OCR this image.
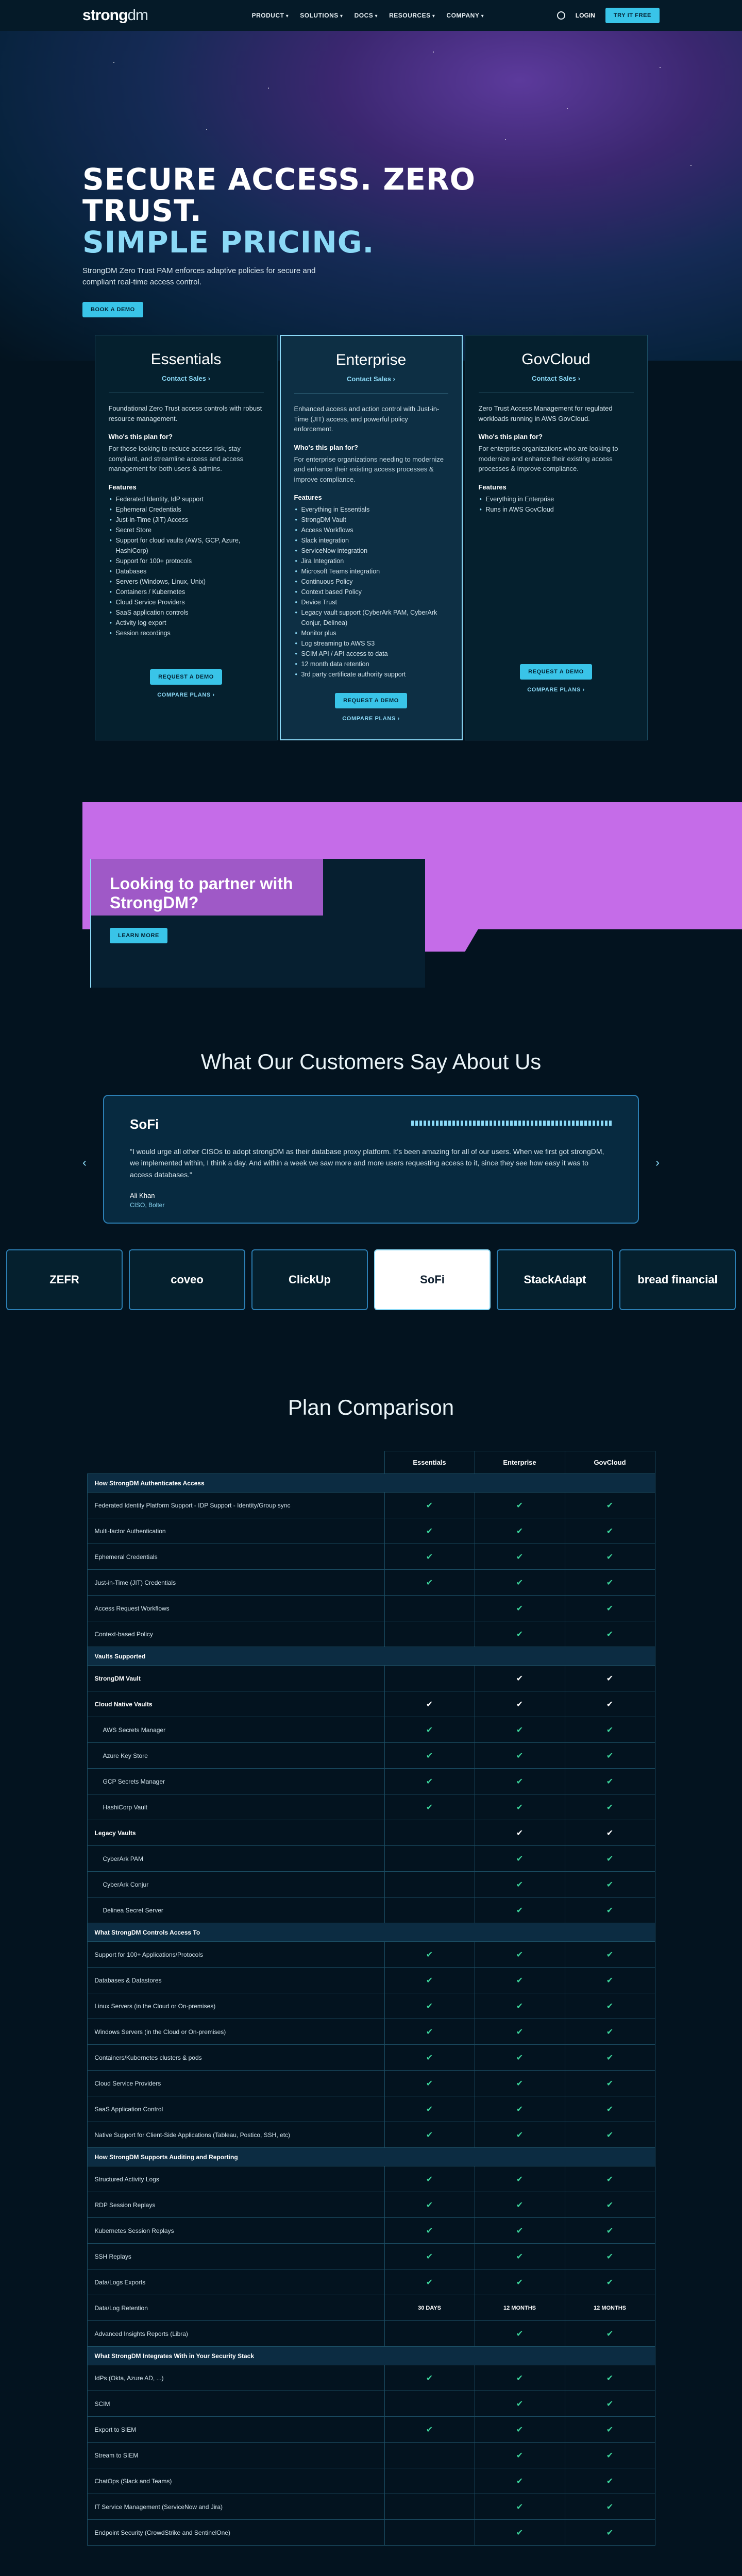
strongdm	PRODUCT ▾	SOLUTIONS ▾	DOCS ▾	RESOURCES ▾	COMPANY ▾	LOGIN	TRY IT FREE
SECURE ACCESS. ZERO TRUST.
SIMPLE PRICING.

StrongDM Zero Trust PAM enforces adaptive policies for secure and compliant real-time access control.

BOOK A DEMO
Essentials
Contact Sales ›
Foundational Zero Trust access controls with robust resource management.
Who's this plan for?
For those looking to reduce access risk, stay compliant, and streamline access and access management for both users & admins.
Features
• Federated Identity, IdP support
• Ephemeral Credentials
• Just-in-Time (JIT) Access
• Secret Store
• Support for cloud vaults (AWS, GCP, Azure, HashiCorp)
• Support for 100+ protocols
• Databases
• Servers (Windows, Linux, Unix)
• Containers / Kubernetes
• Cloud Service Providers
• SaaS application controls
• Activity log export
• Session recordings
REQUEST A DEMO
COMPARE PLANS ›
Enterprise
Contact Sales ›
Enhanced access and action control with Just-in-Time (JIT) access, and powerful policy enforcement.
Who's this plan for?
For enterprise organizations needing to modernize and enhance their existing access processes & improve compliance.
Features
• Everything in Essentials
• StrongDM Vault
• Access Workflows
• Slack integration
• ServiceNow integration
• Jira Integration
• Microsoft Teams integration
• Continuous Policy
• Context based Policy
• Device Trust
• Legacy vault support (CyberArk PAM, CyberArk Conjur, Delinea)
• Monitor plus
• Log streaming to AWS S3
• SCIM API / API access to data
• 12 month data retention
• 3rd party certificate authority support
REQUEST A DEMO
COMPARE PLANS ›
GovCloud
Contact Sales ›
Zero Trust Access Management for regulated workloads running in AWS GovCloud.
Who's this plan for?
For enterprise organizations who are looking to modernize and enhance their existing access processes & improve compliance.
Features
• Everything in Enterprise
• Runs in AWS GovCloud
REQUEST A DEMO
COMPARE PLANS ›
Looking to partner with StrongDM?
LEARN MORE
What Our Customers Say About Us
‹	›
SoFi

"I would urge all other CISOs to adopt strongDM as their database proxy platform. It's been amazing for all of our users. When we first got strongDM, we implemented within, I think a day. And within a week we saw more and more users requesting access to it, since they see how easy it was to access databases."

Ali Khan
CISO, Bolter
ZEFR	coveo	ClickUp	SoFi	StackAdapt	bread financial
Plan Comparison
	Essentials	Enterprise	GovCloud
How StrongDM Authenticates Access			
Federated Identity Platform Support - IDP Support - Identity/Group sync	✔	✔	✔
Multi-factor Authentication	✔	✔	✔
Ephemeral Credentials	✔	✔	✔
Just-in-Time (JIT) Credentials	✔	✔	✔
Access Request Workflows		✔	✔
Context-based Policy		✔	✔
Vaults Supported			
StrongDM Vault		✔	✔
Cloud Native Vaults	✔	✔	✔
AWS Secrets Manager	✔	✔	✔
Azure Key Store	✔	✔	✔
GCP Secrets Manager	✔	✔	✔
HashiCorp Vault	✔	✔	✔
Legacy Vaults		✔	✔
CyberArk PAM		✔	✔
CyberArk Conjur		✔	✔
Delinea Secret Server		✔	✔
What StrongDM Controls Access To			
Support for 100+ Applications/Protocols	✔	✔	✔
Databases & Datastores	✔	✔	✔
Linux Servers (in the Cloud or On-premises)	✔	✔	✔
Windows Servers (in the Cloud or On-premises)	✔	✔	✔
Containers/Kubernetes clusters & pods	✔	✔	✔
Cloud Service Providers	✔	✔	✔
SaaS Application Control	✔	✔	✔
Native Support for Client-Side Applications (Tableau, Postico, SSH, etc)	✔	✔	✔
How StrongDM Supports Auditing and Reporting			
Structured Activity Logs	✔	✔	✔
RDP Session Replays	✔	✔	✔
Kubernetes Session Replays	✔	✔	✔
SSH Replays	✔	✔	✔
Data/Logs Exports	✔	✔	✔
Data/Log Retention	30 DAYS	12 MONTHS	12 MONTHS
Advanced Insights Reports (Libra)		✔	✔
What StrongDM Integrates With in Your Security Stack			
IdPs (Okta, Azure AD, ...)	✔	✔	✔
SCIM		✔	✔
Export to SIEM	✔	✔	✔
Stream to SIEM		✔	✔
ChatOps (Slack and Teams)		✔	✔
IT Service Management (ServiceNow and Jira)		✔	✔
Endpoint Security (CrowdStrike and SentinelOne)		✔	✔
